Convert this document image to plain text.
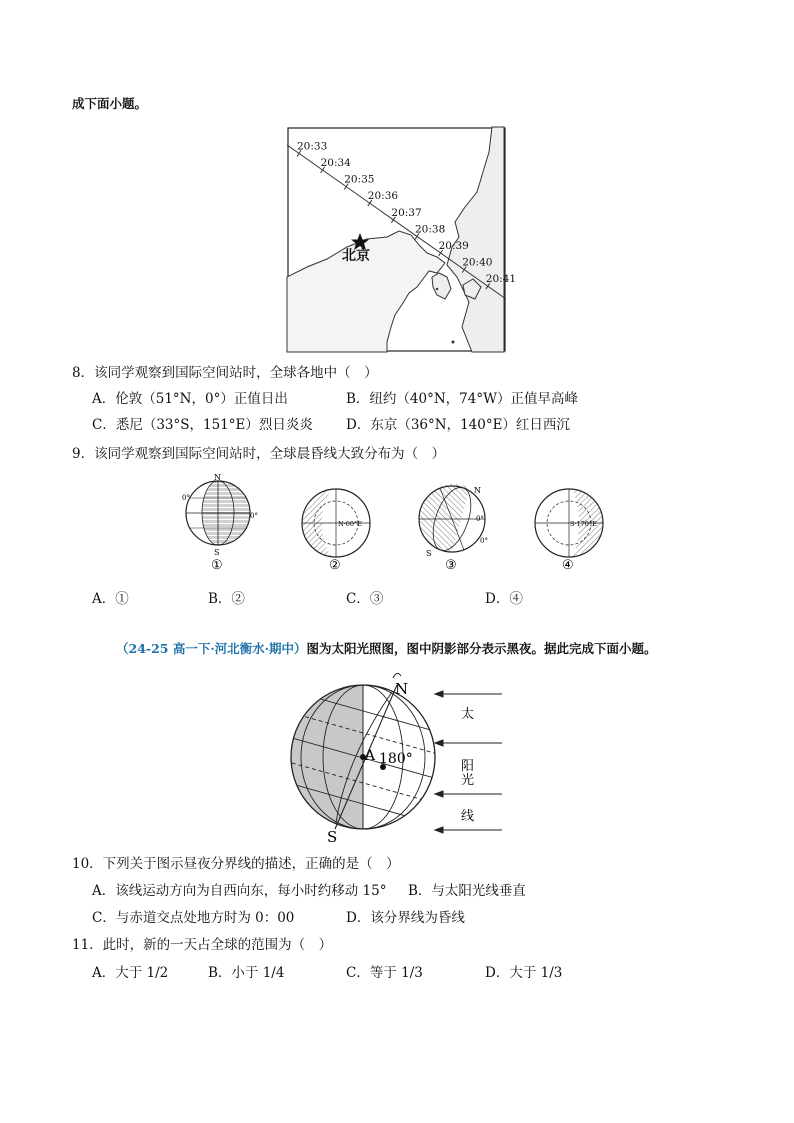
成下面小题。
20:33
20:34
20:35
20:36
20:37
20:38
20:39
20:40
20:41
北京
8．该同学观察到国际空间站时，全球各地中（　）
A．伦敦（51°N，0°）正值日出	B．纽约（40°N，74°W）正值早高峰
C．悉尼（33°S，151°E）烈日炎炎 D．东京（36°N，140°E）红日西沉
9．该同学观察到国际空间站时，全球晨昏线大致分布为（　）
N
S
0°
0°
①
N·60°E
②
N
S
0°
0°
③
S·170°E
④
A．①	B．②	C．③	D．④
（24-25 高一下·河北衡水·期中）图为太阳光照图，图中阴影部分表示黑夜。据此完成下面小题。
N
S
A 180°
太
阳
光
线
10．下列关于图示昼夜分界线的描述，正确的是（　）
A．该线运动方向为自西向东，每小时约移动 15° B．与太阳光线垂直
C．与赤道交点处地方时为 0：00	D．该分界线为昏线
11．此时，新的一天占全球的范围为（　）
A．大于 1/2	B．小于 1/4	C．等于 1/3	D．大于 1/3
